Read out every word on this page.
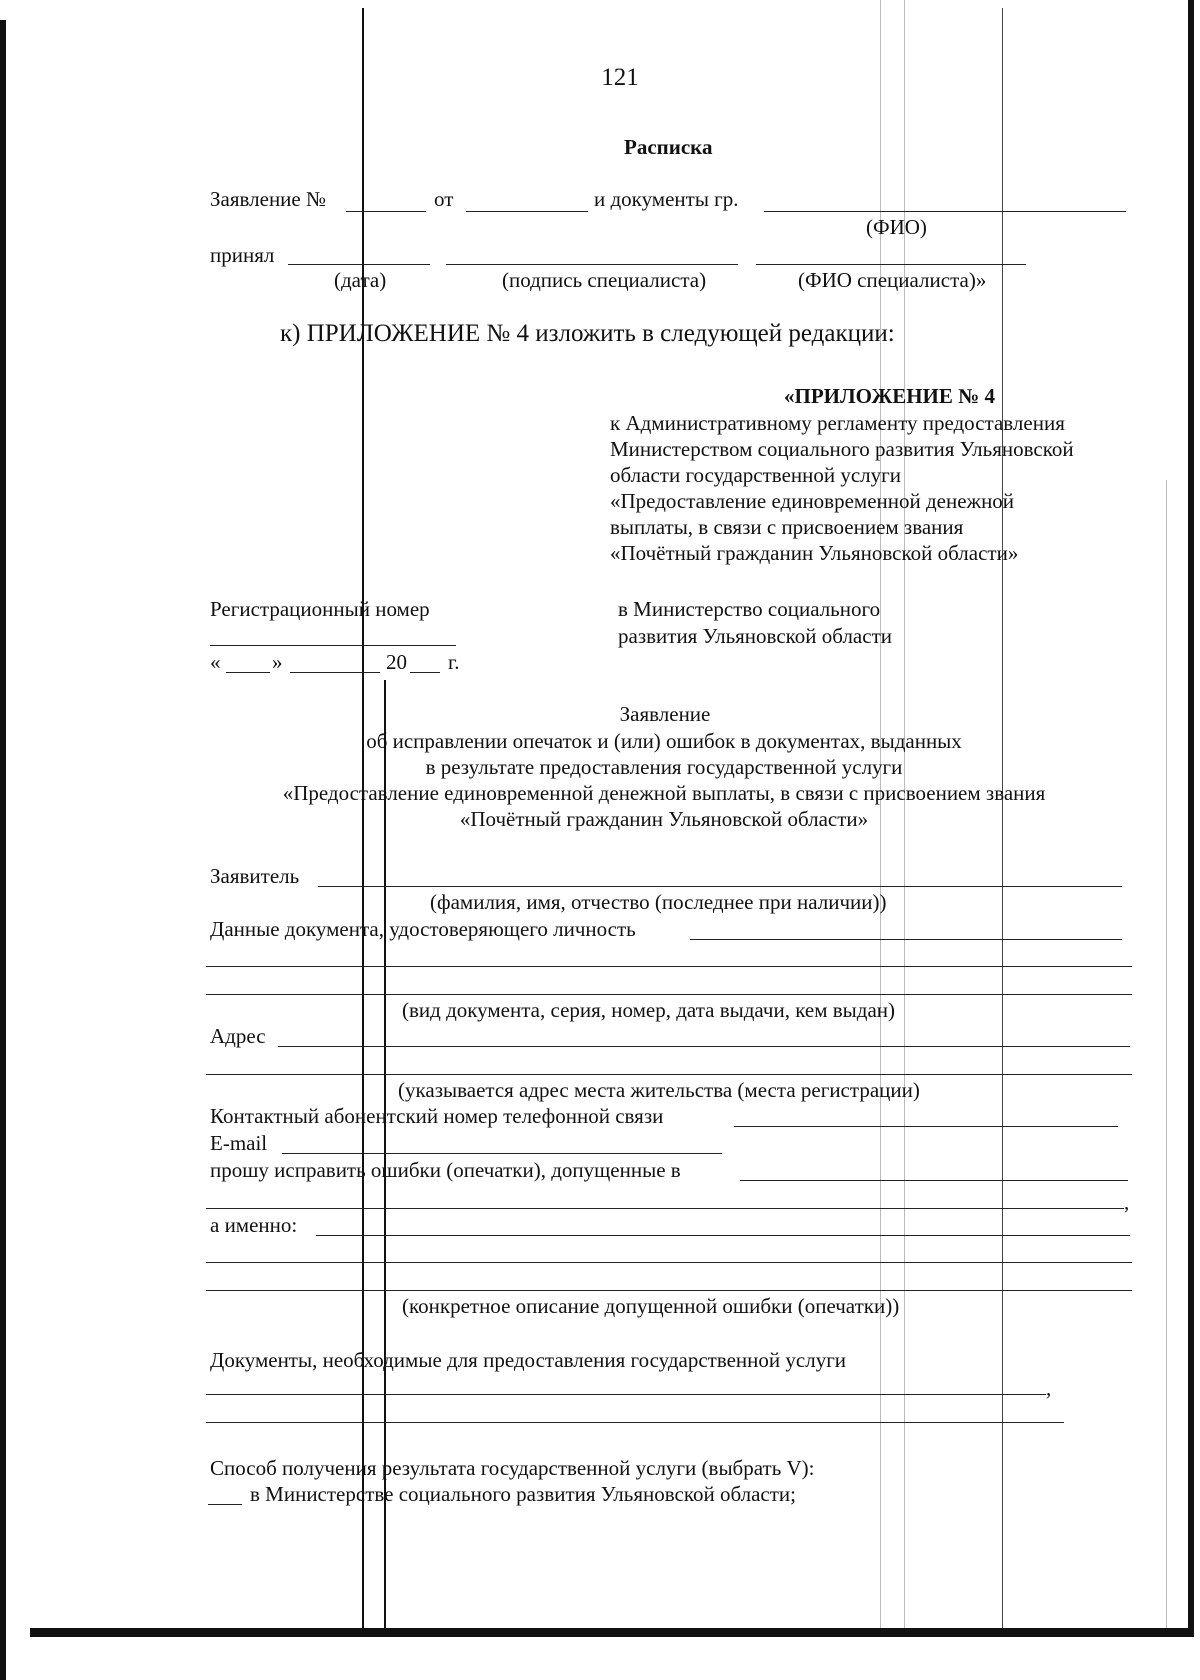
121
Расписка
Заявление №	от	и документы гр.
(ФИО)
принял
(дата)	(подпись специалиста)	(ФИО специалиста)»
к) ПРИЛОЖЕНИЕ № 4 изложить в следующей редакции:
«ПРИЛОЖЕНИЕ № 4
к Административному регламенту предоставления
Министерством социального развития Ульяновской
области государственной услуги
«Предоставление единовременной денежной
выплаты, в связи с присвоением звания
«Почётный гражданин Ульяновской области»
Регистрационный номер
« »	20 г.
в Министерство социального
развития Ульяновской области
Заявление
об исправлении опечаток и (или) ошибок в документах, выданных
в результате предоставления государственной услуги
«Предоставление единовременной денежной выплаты, в связи с присвоением звания
«Почётный гражданин Ульяновской области»
Заявитель
(фамилия, имя, отчество (последнее при наличии))
Данные документа, удостоверяющего личность
(вид документа, серия, номер, дата выдачи, кем выдан)
Адрес
(указывается адрес места жительства (места регистрации)
Контактный абонентский номер телефонной связи
E-mail
прошу исправить ошибки (опечатки), допущенные в
,
а именно:
(конкретное описание допущенной ошибки (опечатки))
Документы, необходимые для предоставления государственной услуги
,
Способ получения результата государственной услуги (выбрать V):
в Министерстве социального развития Ульяновской области;
